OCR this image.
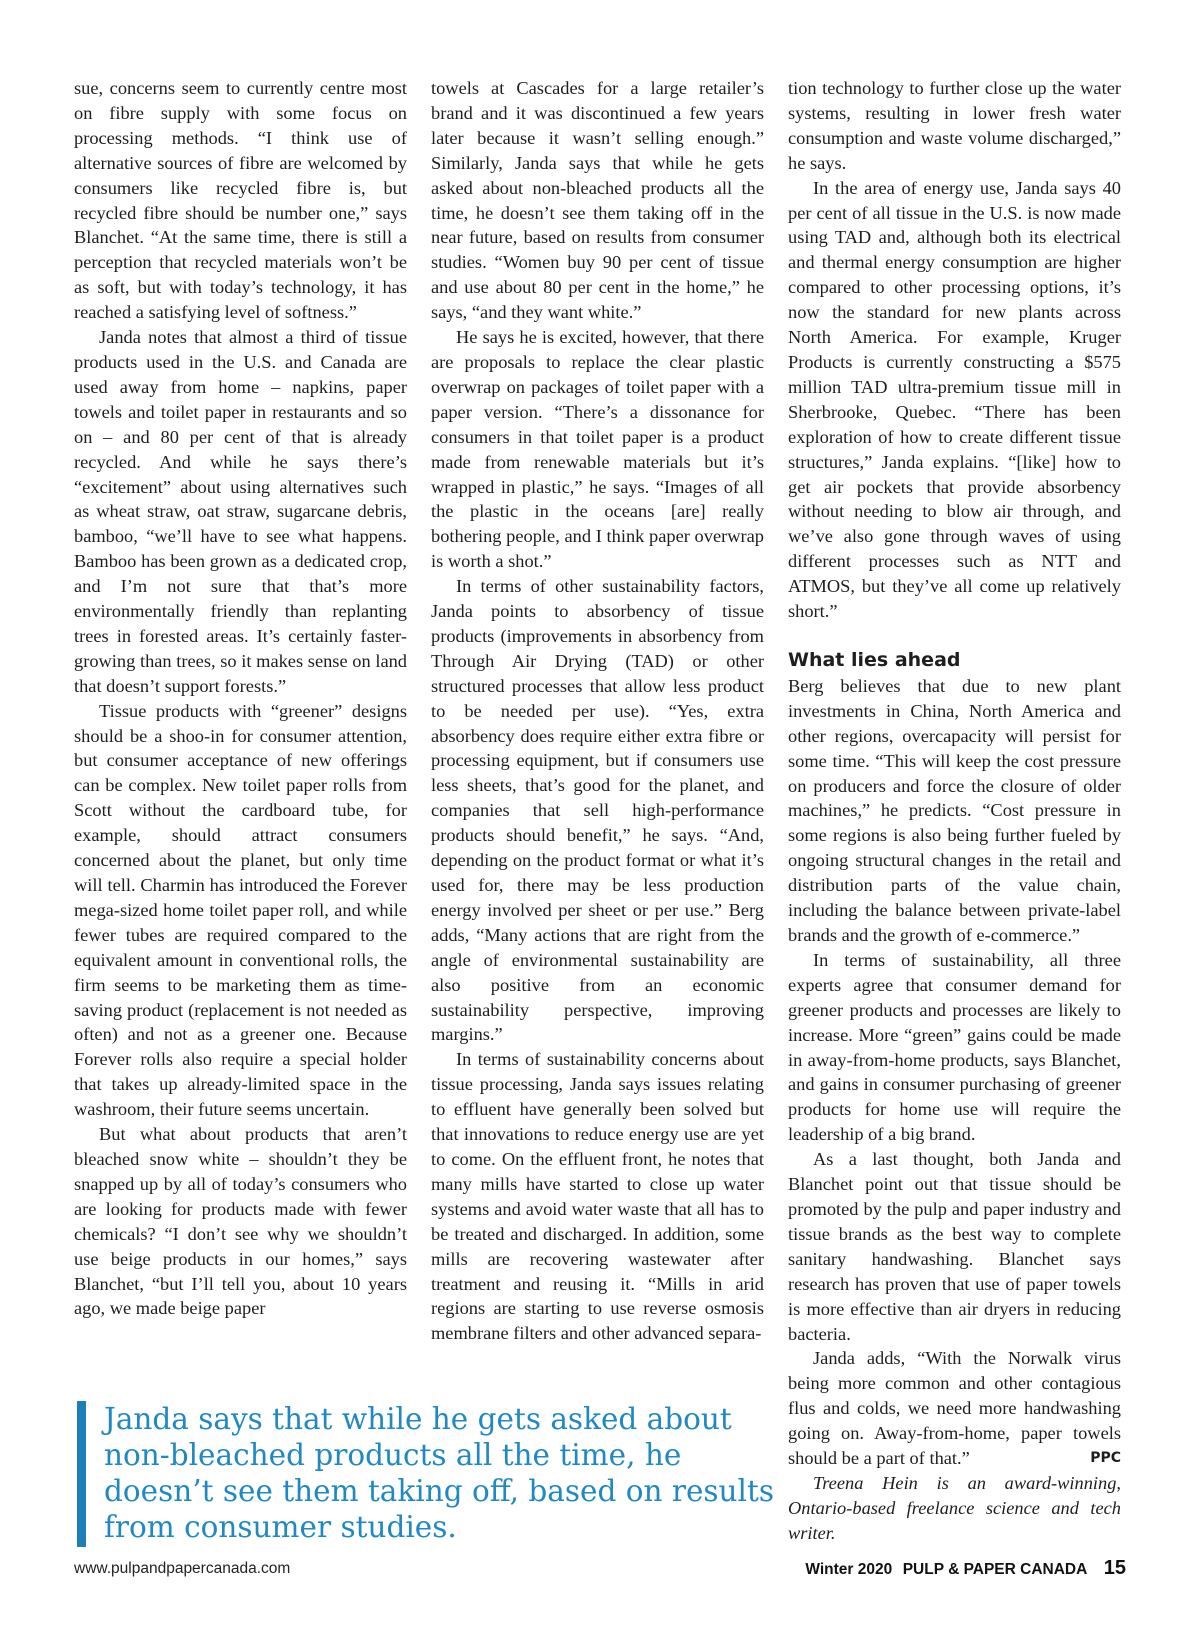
sue, concerns seem to currently centre most on fibre supply with some focus on processing methods. “I think use of alternative sources of fibre are welcomed by consumers like recycled fibre is, but recycled fibre should be number one,” says Blanchet. “At the same time, there is still a perception that recycled materials won’t be as soft, but with today’s technology, it has reached a satisfying level of softness.”

Janda notes that almost a third of tissue products used in the U.S. and Canada are used away from home – napkins, paper towels and toilet paper in restaurants and so on – and 80 per cent of that is already recycled. And while he says there’s “excitement” about using alternatives such as wheat straw, oat straw, sugarcane debris, bamboo, “we’ll have to see what happens. Bamboo has been grown as a dedicated crop, and I’m not sure that that’s more environmentally friendly than replanting trees in forested areas. It’s certainly faster-growing than trees, so it makes sense on land that doesn’t support forests.”

Tissue products with “greener” designs should be a shoo-in for consumer attention, but consumer acceptance of new offerings can be complex. New toilet paper rolls from Scott without the cardboard tube, for example, should attract consumers concerned about the planet, but only time will tell. Charmin has introduced the Forever mega-sized home toilet paper roll, and while fewer tubes are required compared to the equivalent amount in conventional rolls, the firm seems to be marketing them as time-saving product (replacement is not needed as often) and not as a greener one. Because Forever rolls also require a special holder that takes up already-limited space in the washroom, their future seems uncertain.

But what about products that aren’t bleached snow white – shouldn’t they be snapped up by all of today’s consumers who are looking for products made with fewer chemicals? “I don’t see why we shouldn’t use beige products in our homes,” says Blanchet, “but I’ll tell you, about 10 years ago, we made beige paper

towels at Cascades for a large retailer’s brand and it was discontinued a few years later because it wasn’t selling enough.” Similarly, Janda says that while he gets asked about non-bleached products all the time, he doesn’t see them taking off in the near future, based on results from consumer studies. “Women buy 90 per cent of tissue and use about 80 per cent in the home,” he says, “and they want white.”

He says he is excited, however, that there are proposals to replace the clear plastic overwrap on packages of toilet paper with a paper version. “There’s a dissonance for consumers in that toilet paper is a product made from renewable materials but it’s wrapped in plastic,” he says. “Images of all the plastic in the oceans [are] really bothering people, and I think paper overwrap is worth a shot.”

In terms of other sustainability factors, Janda points to absorbency of tissue products (improvements in absorbency from Through Air Drying (TAD) or other structured processes that allow less product to be needed per use). “Yes, extra absorbency does require either extra fibre or processing equipment, but if consumers use less sheets, that’s good for the planet, and companies that sell high-performance products should benefit,” he says. “And, depending on the product format or what it’s used for, there may be less production energy involved per sheet or per use.” Berg adds, “Many actions that are right from the angle of environmental sustainability are also positive from an economic sustainability perspective, improving margins.”

In terms of sustainability concerns about tissue processing, Janda says issues relating to effluent have generally been solved but that innovations to reduce energy use are yet to come. On the effluent front, he notes that many mills have started to close up water systems and avoid water waste that all has to be treated and discharged. In addition, some mills are recovering wastewater after treatment and reusing it. “Mills in arid regions are starting to use reverse osmosis membrane filters and other advanced separa-

tion technology to further close up the water systems, resulting in lower fresh water consumption and waste volume discharged,” he says.

In the area of energy use, Janda says 40 per cent of all tissue in the U.S. is now made using TAD and, although both its electrical and thermal energy consumption are higher compared to other processing options, it’s now the standard for new plants across North America. For example, Kruger Products is currently constructing a $575 million TAD ultra-premium tissue mill in Sherbrooke, Quebec. “There has been exploration of how to create different tissue structures,” Janda explains. “[like] how to get air pockets that provide absorbency without needing to blow air through, and we’ve also gone through waves of using different processes such as NTT and ATMOS, but they’ve all come up relatively short.”

What lies ahead

Berg believes that due to new plant investments in China, North America and other regions, overcapacity will persist for some time. “This will keep the cost pressure on producers and force the closure of older machines,” he predicts. “Cost pressure in some regions is also being further fueled by ongoing structural changes in the retail and distribution parts of the value chain, including the balance between private-label brands and the growth of e-commerce.”

In terms of sustainability, all three experts agree that consumer demand for greener products and processes are likely to increase. More “green” gains could be made in away-from-home products, says Blanchet, and gains in consumer purchasing of greener products for home use will require the leadership of a big brand.

As a last thought, both Janda and Blanchet point out that tissue should be promoted by the pulp and paper industry and tissue brands as the best way to complete sanitary handwashing. Blanchet says research has proven that use of paper towels is more effective than air dryers in reducing bacteria.

Janda adds, “With the Norwalk virus being more common and other contagious flus and colds, we need more handwashing going on. Away-from-home, paper towels should be a part of that.”	PPC

Treena Hein is an award-winning, Ontario-based freelance science and tech writer.

Janda says that while he gets asked about non-bleached products all the time, he doesn’t see them taking off, based on results from consumer studies.
www.pulpandpapercanada.com	Winter 2020 PULP & PAPER CANADA 15
